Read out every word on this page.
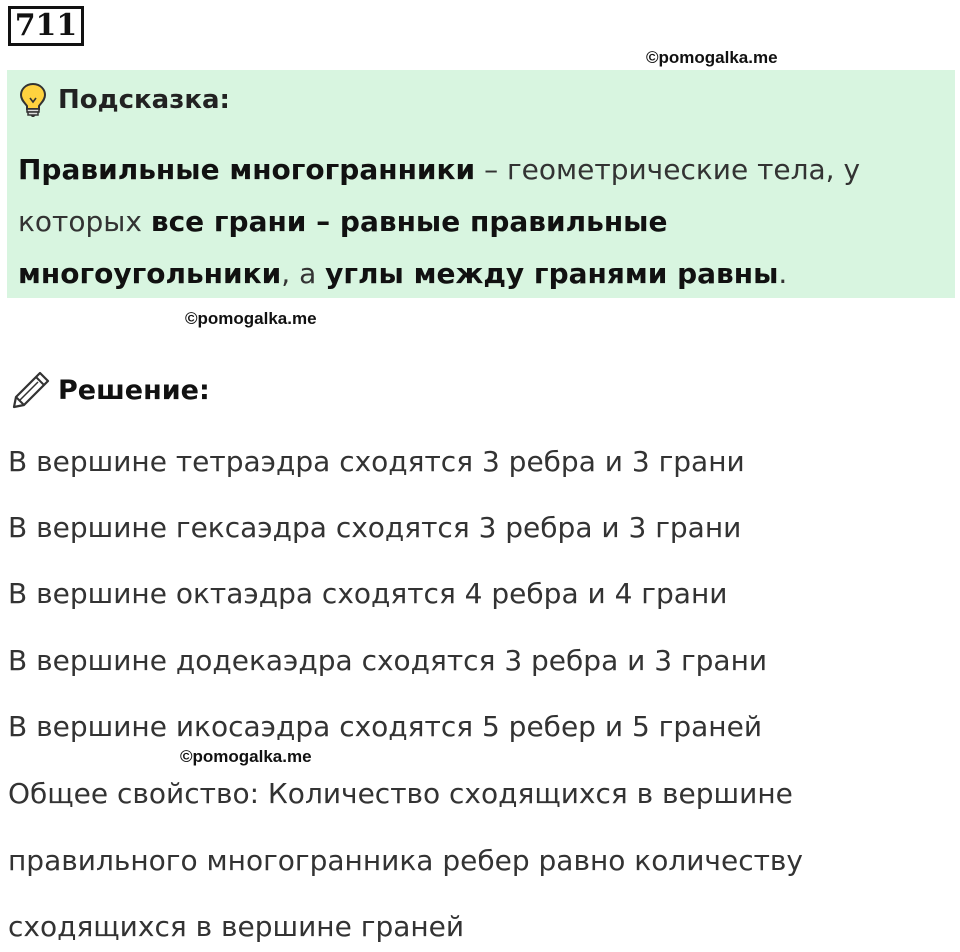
711
©pomogalka.me
Подсказка:
Правильные многогранники – геометрические тела, у которых все грани – равные правильные многоугольники, а углы между гранями равны.
©pomogalka.me
Решение:
В вершине тетраэдра сходятся 3 ребра и 3 грани
В вершине гексаэдра сходятся 3 ребра и 3 грани
В вершине октаэдра сходятся 4 ребра и 4 грани
В вершине додекаэдра сходятся 3 ребра и 3 грани
В вершине икосаэдра сходятся 5 ребер и 5 граней
©pomogalka.me
Общее свойство: Количество сходящихся в вершине
правильного многогранника ребер равно количеству
сходящихся в вершине граней
